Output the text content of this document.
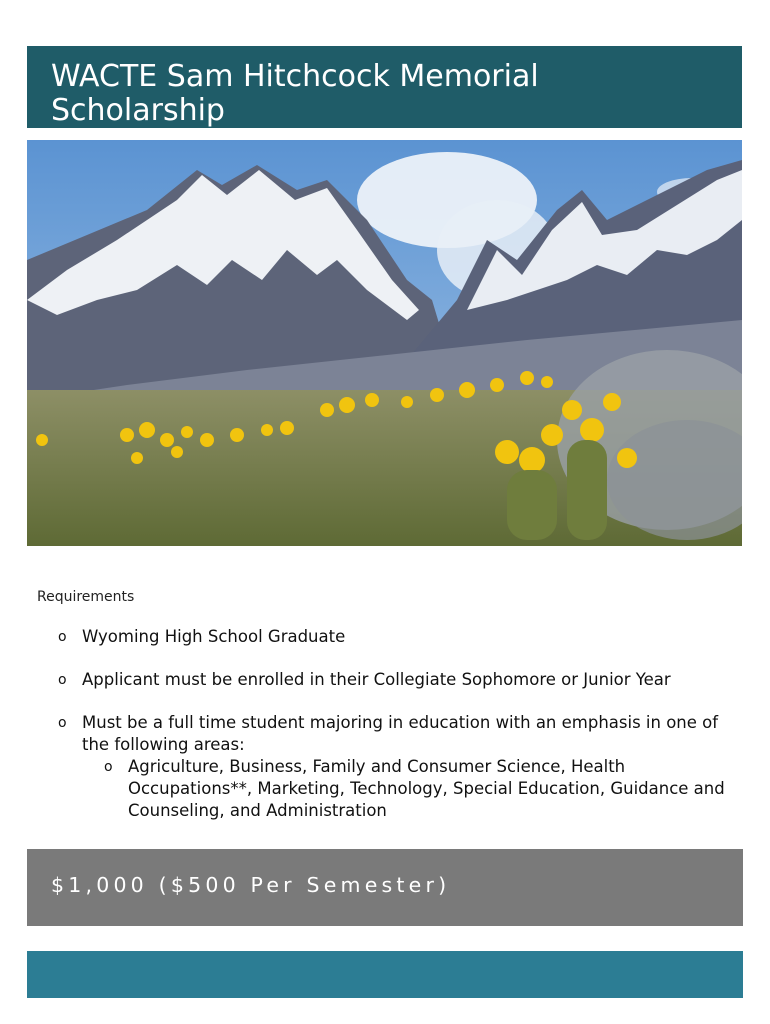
WACTE Sam Hitchcock Memorial Scholarship
Requirements
o Wyoming High School Graduate
o Applicant must be enrolled in their Collegiate Sophomore or Junior Year
o Must be a full time student majoring in education with an emphasis in one of the following areas:
o Agriculture, Business, Family and Consumer Science, Health Occupations**, Marketing, Technology, Special Education, Guidance and Counseling, and Administration
$1,000 ($500 Per Semester)
